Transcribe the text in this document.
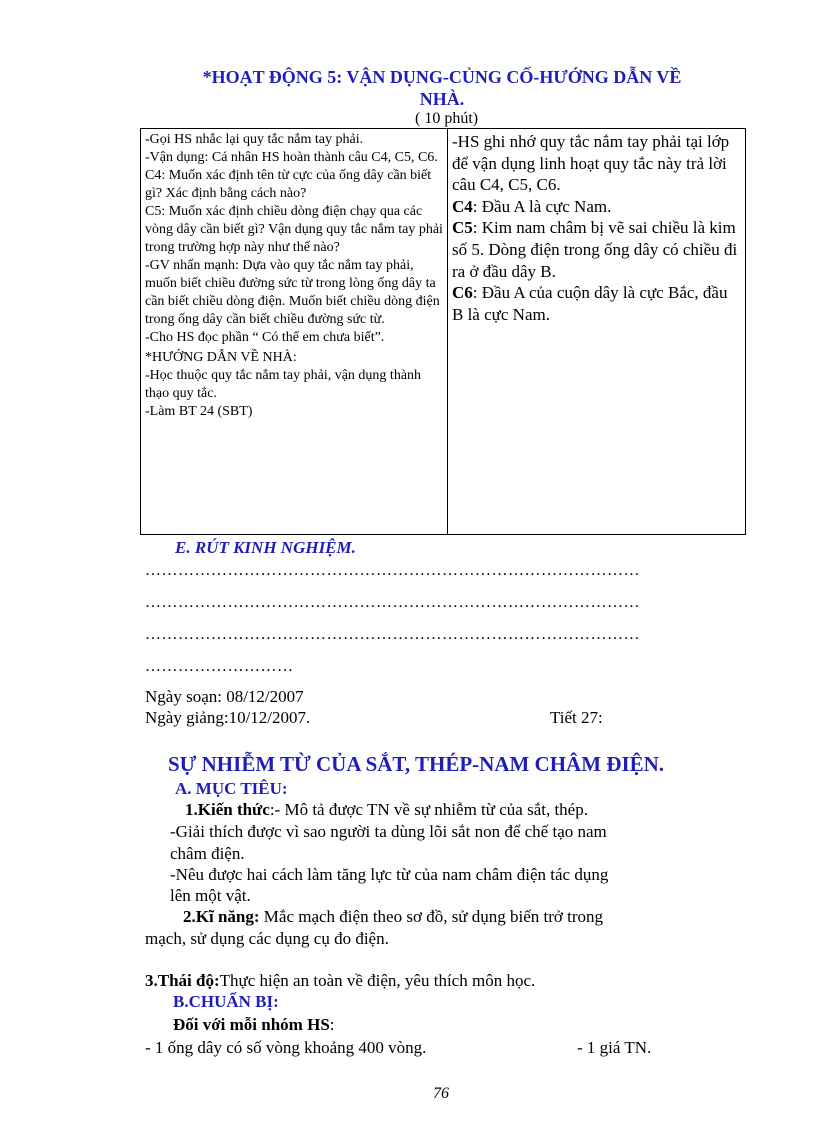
*HOẠT ĐỘNG 5: VẬN DỤNG-CỦNG CỐ-HƯỚNG DẪN VỀ
NHÀ.
( 10 phút)
-Gọi HS nhắc lại quy tắc nắm tay phải.
-Vận dụng: Cá nhân HS hoàn thành câu C4, C5, C6.
C4: Muốn xác định tên từ cực của ống dây cần biết gì? Xác định bằng cách nào?
C5: Muốn xác định chiều dòng điện chạy qua các vòng dây cần biết gì? Vận dụng quy tắc nắm tay phải trong trường hợp này như thế nào?
-GV nhấn mạnh: Dựa vào quy tắc nắm tay phải, muốn biết chiều đường sức từ trong lòng ống dây ta cần biết chiều dòng điện. Muốn biết chiều dòng điện trong ống dây cần biết chiều đường sức từ.
-Cho HS đọc phần “ Có thể em chưa biết”.
*HƯỚNG DẪN VỀ NHÀ:
-Học thuộc quy tắc nắm tay phải, vận dụng thành thạo quy tắc.
-Làm BT 24 (SBT)

-HS ghi nhớ quy tắc nắm tay phải tại lớp để vận dụng linh hoạt quy tắc này trả lời câu C4, C5, C6.
C4: Đầu A là cực Nam.
C5: Kim nam châm bị vẽ sai chiều là kim số 5. Dòng điện trong ống dây có chiều đi ra ở đầu dây B.
C6: Đầu A của cuộn dây là cực Bắc, đầu B là cực Nam.
E. RÚT KINH NGHIỆM.
………………………………………………………………………………
………………………………………………………………………………
………………………………………………………………………………
………………………
Ngày soạn: 08/12/2007
Ngày giảng:10/12/2007.	Tiết 27:
SỰ NHIỄM TỪ CỦA SẮT, THÉP-NAM CHÂM ĐIỆN.
A. MỤC TIÊU:
1.Kiến thức:- Mô tả được TN về sự nhiễm từ của sắt, thép.
-Giải thích được vì sao người ta dùng lõi sắt non để chế tạo nam
châm điện.
-Nêu được hai cách làm tăng lực từ của nam châm điện tác dụng
lên một vật.
2.Kĩ năng: Mắc mạch điện theo sơ đồ, sử dụng biến trở trong
mạch, sử dụng các dụng cụ đo điện.
3.Thái độ:Thực hiện an toàn về điện, yêu thích môn học.
B.CHUẨN BỊ:
Đối với mỗi nhóm HS:
- 1 ống dây có số vòng khoảng 400 vòng.	- 1 giá TN.
76
